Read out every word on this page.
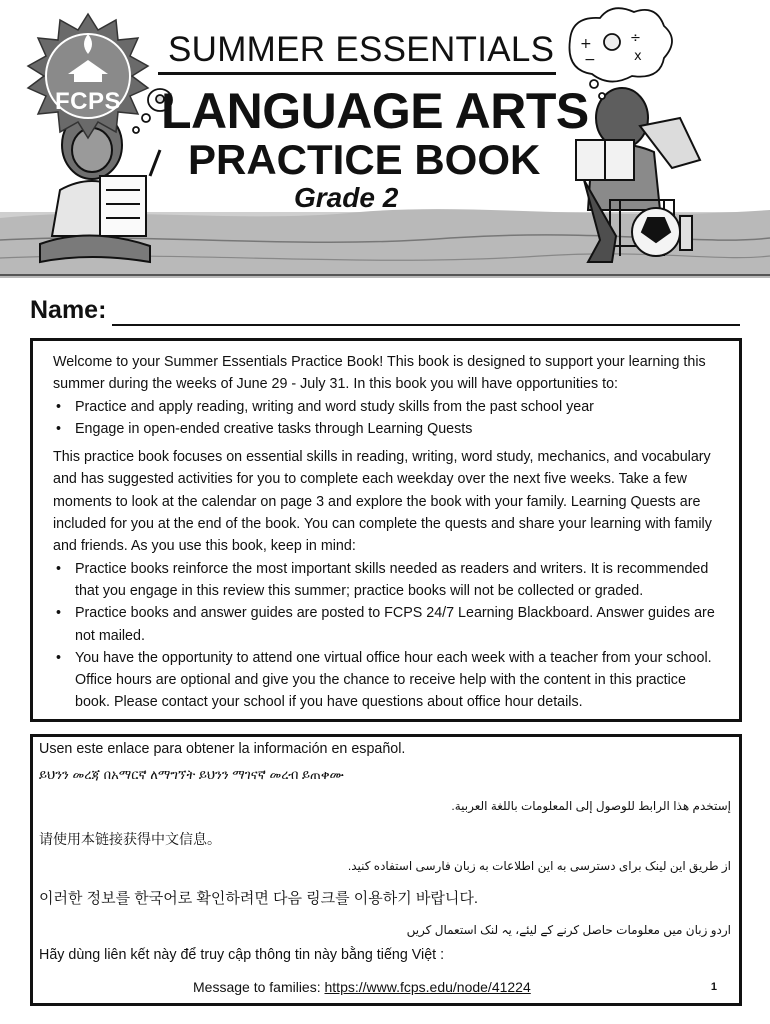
+
−
÷
x
FCPS
SUMMER ESSENTIALS
LANGUAGE ARTS
PRACTICE BOOK
Grade 2
Name:

Welcome to your Summer Essentials Practice Book! This book is designed to support your learning this summer during the weeks of June 29 - July 31. In this book you will have opportunities to:

• Practice and apply reading, writing and word study skills from the past school year
• Engage in open-ended creative tasks through Learning Quests

This practice book focuses on essential skills in reading, writing, word study, mechanics, and vocabulary and has suggested activities for you to complete each weekday over the next five weeks. Take a few moments to look at the calendar on page 3 and explore the book with your family. Learning Quests are included for you at the end of the book. You can complete the quests and share your learning with family and friends. As you use this book, keep in mind:

• Practice books reinforce the most important skills needed as readers and writers. It is recommended that you engage in this review this summer; practice books will not be collected or graded.
• Practice books and answer guides are posted to FCPS 24/7 Learning Blackboard. Answer guides are not mailed.
• You have the opportunity to attend one virtual office hour each week with a teacher from your school. Office hours are optional and give you the chance to receive help with the content in this practice book. Please contact your school if you have questions about office hour details.
Usen este enlace para obtener la información en español.
ይህንን መረጃ በአማርኛ ለማግኘት ይህንን ማገናኛ መረብ ይጠቀሙ
إستخدم هذا الرابط للوصول إلى المعلومات باللغة العربية.
请使用本链接获得中文信息。
از طریق این لینک برای دسترسی به این اطلاعات به زبان فارسی استفاده کنید.
이러한 정보를 한국어로 확인하려면 다음 링크를 이용하기 바랍니다.
اردو زبان میں معلومات حاصل کرنے کے لیئے، یہ لنک استعمال کریں
Hãy dùng liên kết này để truy cập thông tin này bằng tiếng Việt :
Message to families: https://www.fcps.edu/node/41224	1
